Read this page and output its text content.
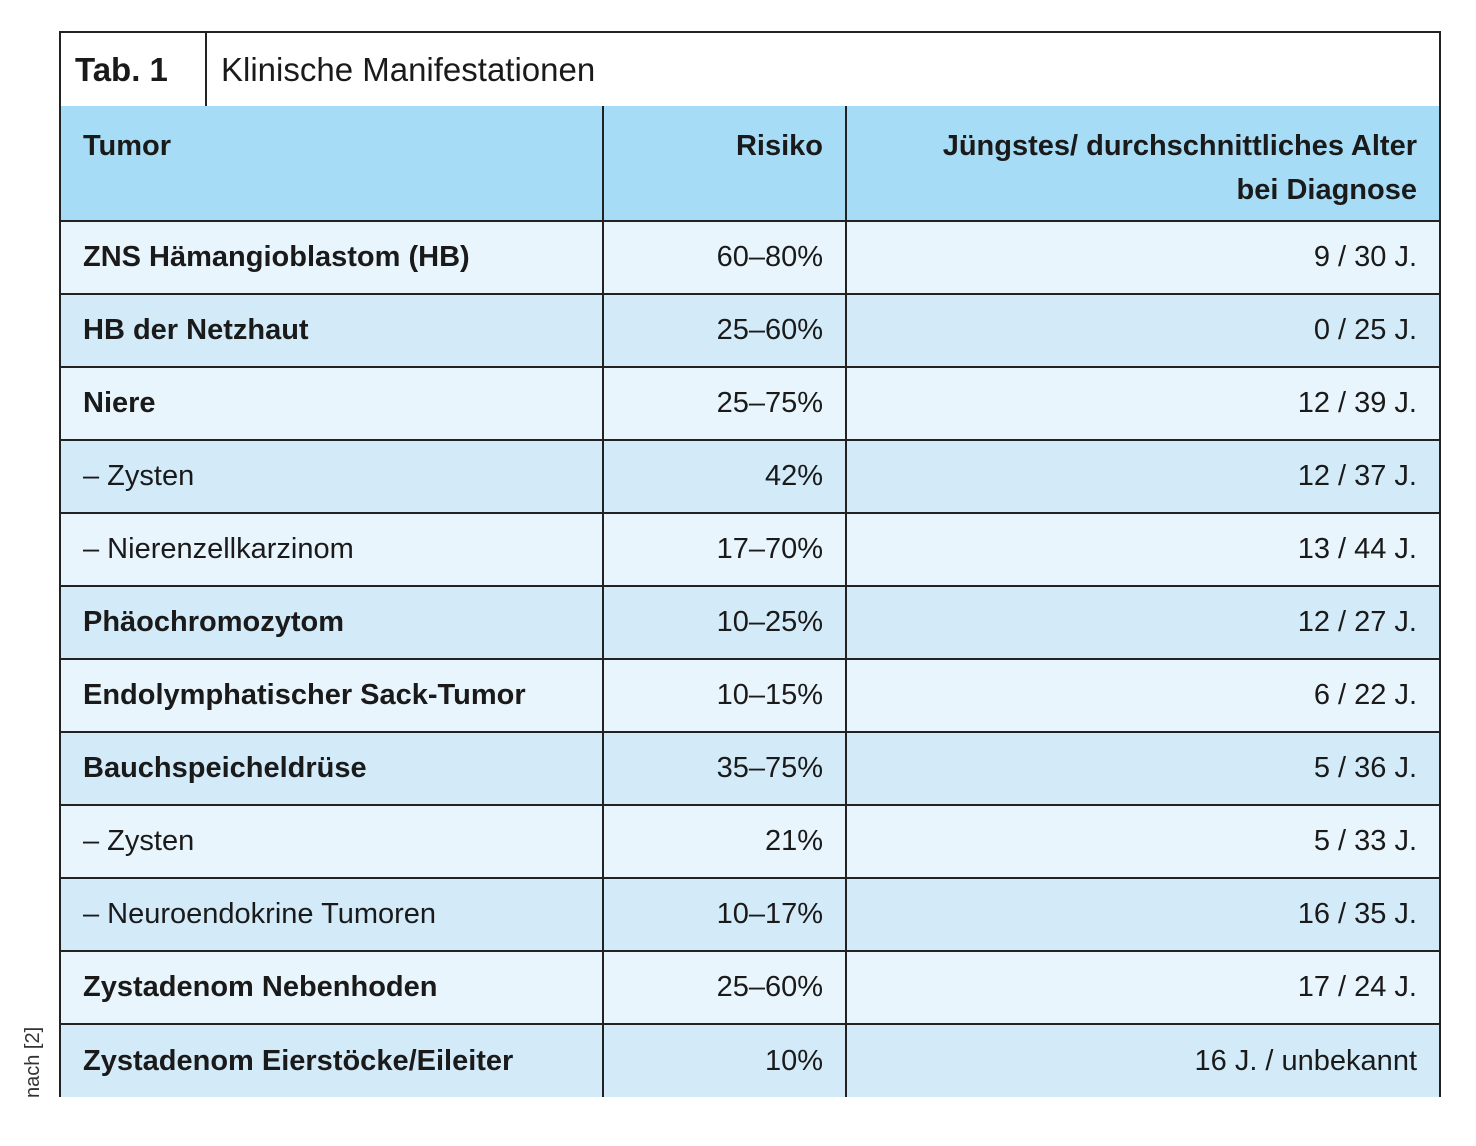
Tab. 1	Klinische Manifestationen
Tumor	Risiko	Jüngstes/ durchschnittliches Alter
bei Diagnose
ZNS Hämangioblastom (HB)	60–80%	9 / 30 J.
HB der Netzhaut	25–60%	0 / 25 J.
Niere	25–75%	12 / 39 J.
– Zysten	42%	12 / 37 J.
– Nierenzellkarzinom	17–70%	13 / 44 J.
Phäochromozytom	10–25%	12 / 27 J.
Endolymphatischer Sack-Tumor	10–15%	6 / 22 J.
Bauchspeicheldrüse	35–75%	5 / 36 J.
– Zysten	21%	5 / 33 J.
– Neuroendokrine Tumoren	10–17%	16 / 35 J.
Zystadenom Nebenhoden	25–60%	17 / 24 J.
Zystadenom Eierstöcke/Eileiter	10%	16 J. / unbekannt
nach [2]
